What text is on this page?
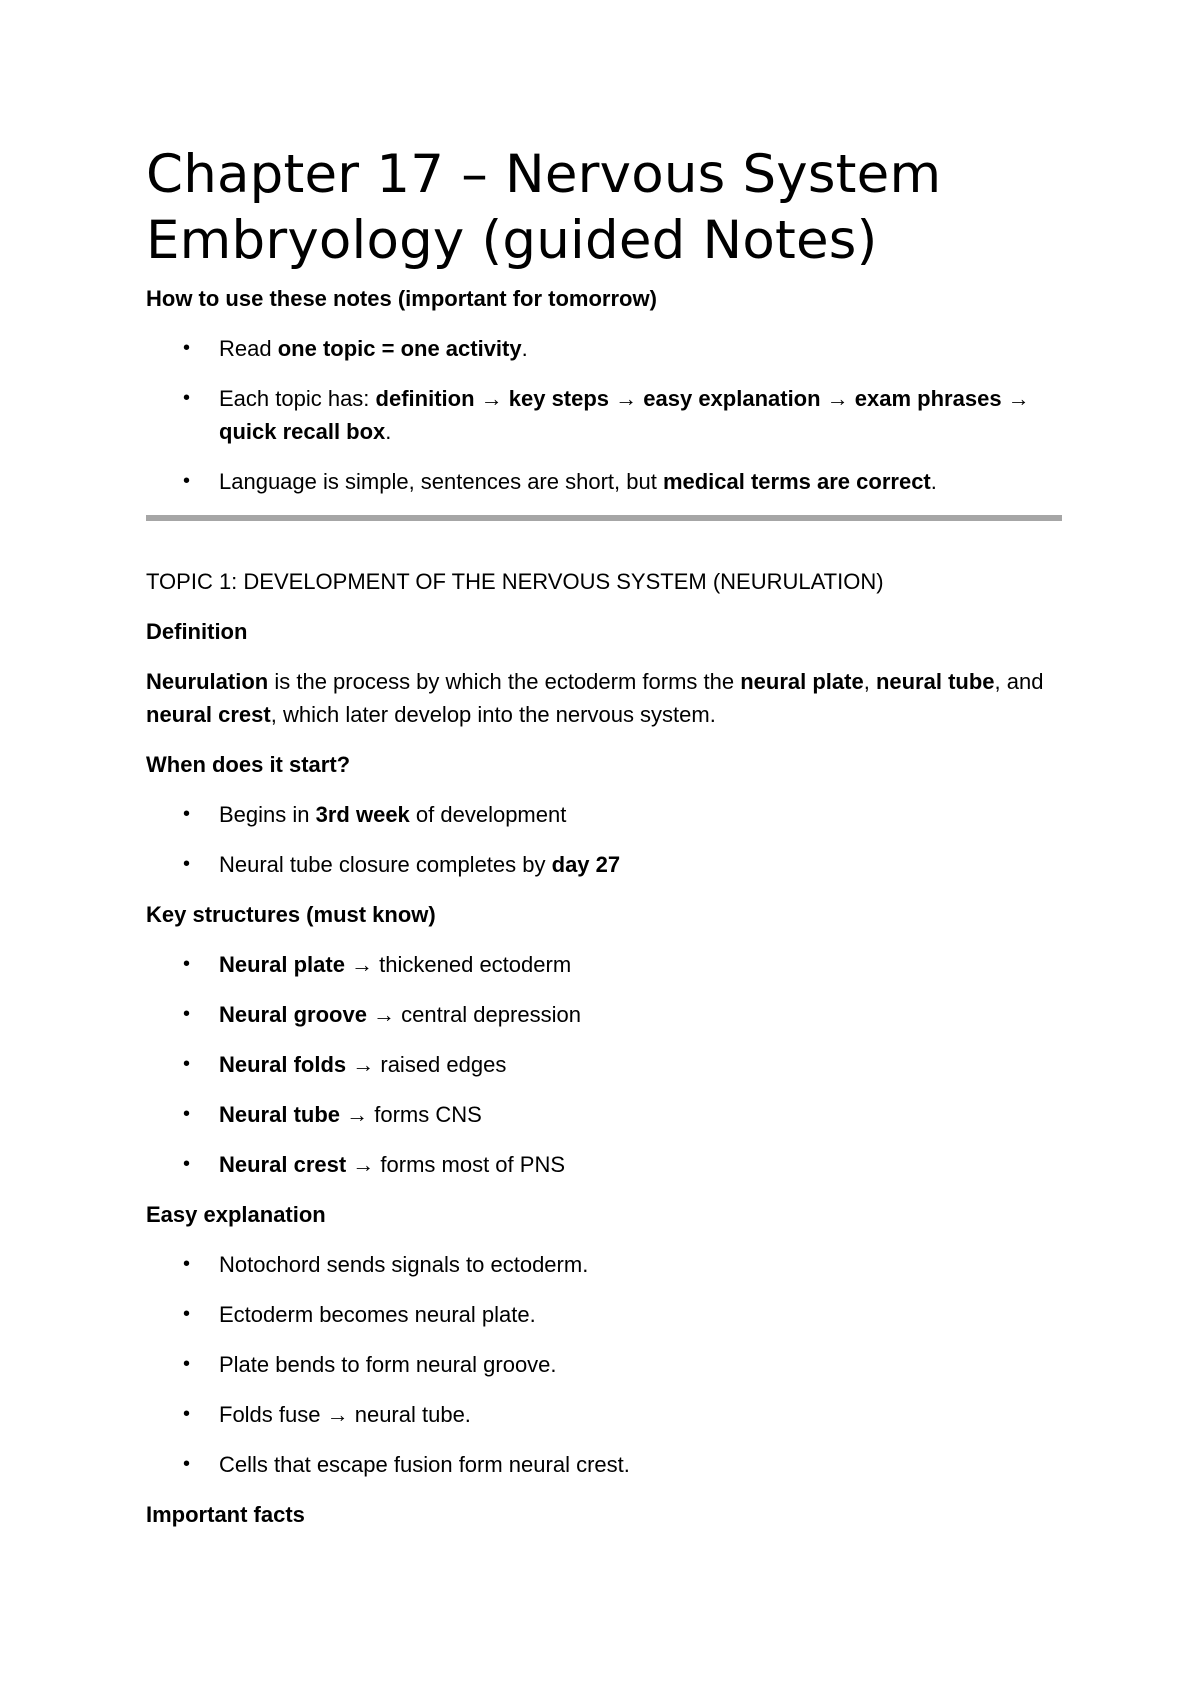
Chapter 17 – Nervous System Embryology (guided Notes)

How to use these notes (important for tomorrow)

• Read one topic = one activity.
• Each topic has: definition → key steps → easy explanation → exam phrases → quick recall box.
• Language is simple, sentences are short, but medical terms are correct.

TOPIC 1: DEVELOPMENT OF THE NERVOUS SYSTEM (NEURULATION)

Definition

Neurulation is the process by which the ectoderm forms the neural plate, neural tube, and neural crest, which later develop into the nervous system.

When does it start?

• Begins in 3rd week of development
• Neural tube closure completes by day 27

Key structures (must know)

• Neural plate → thickened ectoderm
• Neural groove → central depression
• Neural folds → raised edges
• Neural tube → forms CNS
• Neural crest → forms most of PNS

Easy explanation

• Notochord sends signals to ectoderm.
• Ectoderm becomes neural plate.
• Plate bends to form neural groove.
• Folds fuse → neural tube.
• Cells that escape fusion form neural crest.

Important facts
